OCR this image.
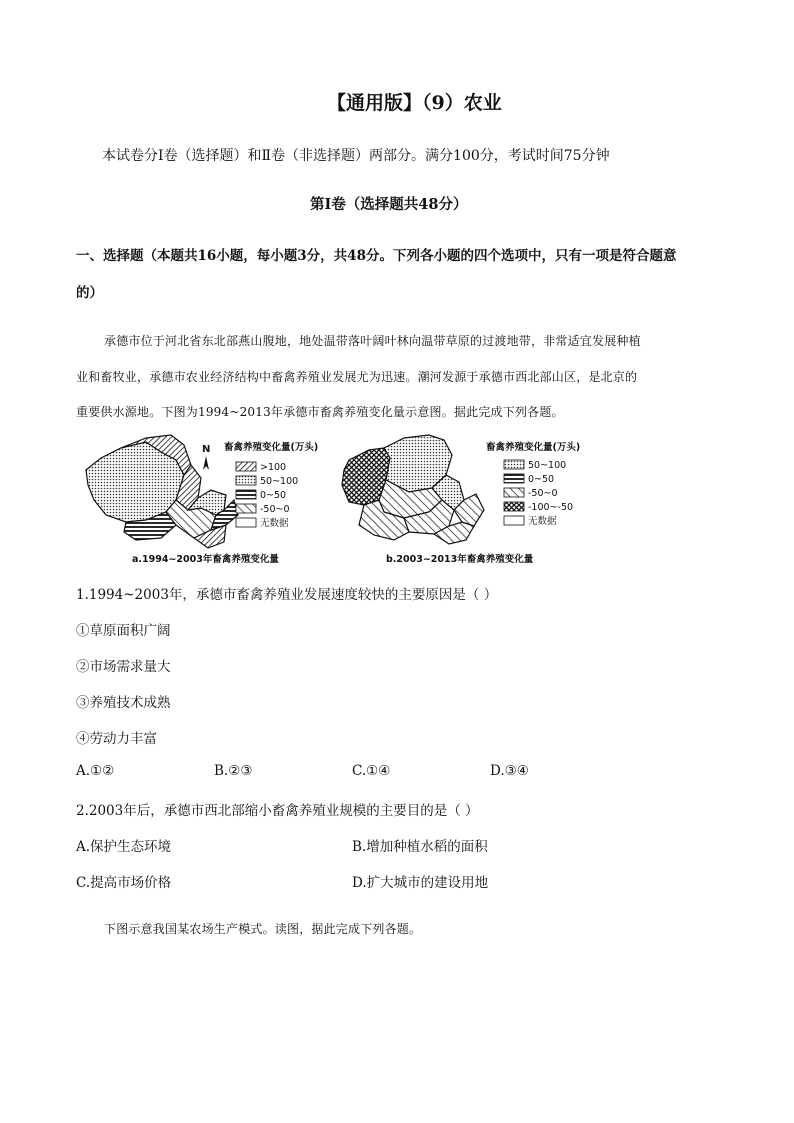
【通用版】（9）农业
本试卷分Ⅰ卷（选择题）和Ⅱ卷（非选择题）两部分。满分100分，考试时间75分钟
第Ⅰ卷（选择题共48分）
一、选择题（本题共16小题，每小题3分，共48分。下列各小题的四个选项中，只有一项是符合题意
的）
承德市位于河北省东北部燕山腹地，地处温带落叶阔叶林向温带草原的过渡地带，非常适宜发展种植
业和畜牧业，承德市农业经济结构中畜禽养殖业发展尤为迅速。潮河发源于承德市西北部山区，是北京的
重要供水源地。下图为1994~2013年承德市畜禽养殖变化量示意图。据此完成下列各题。
N 畜禽养殖变化量(万头)
>100
50~100
0~50
-50~0
无数据
a.1994~2003年畜禽养殖变化量
畜禽养殖变化量(万头)
50~100
0~50
-50~0
-100~-50
无数据
b.2003~2013年畜禽养殖变化量
1.1994~2003年，承德市畜禽养殖业发展速度较快的主要原因是（ ）
①草原面积广阔
②市场需求量大
③养殖技术成熟
④劳动力丰富
A.①②	B.②③	C.①④	D.③④
2.2003年后，承德市西北部缩小畜禽养殖业规模的主要目的是（ ）
A.保护生态环境	B.增加种植水稻的面积
C.提高市场价格	D.扩大城市的建设用地
下图示意我国某农场生产模式。读图，据此完成下列各题。
